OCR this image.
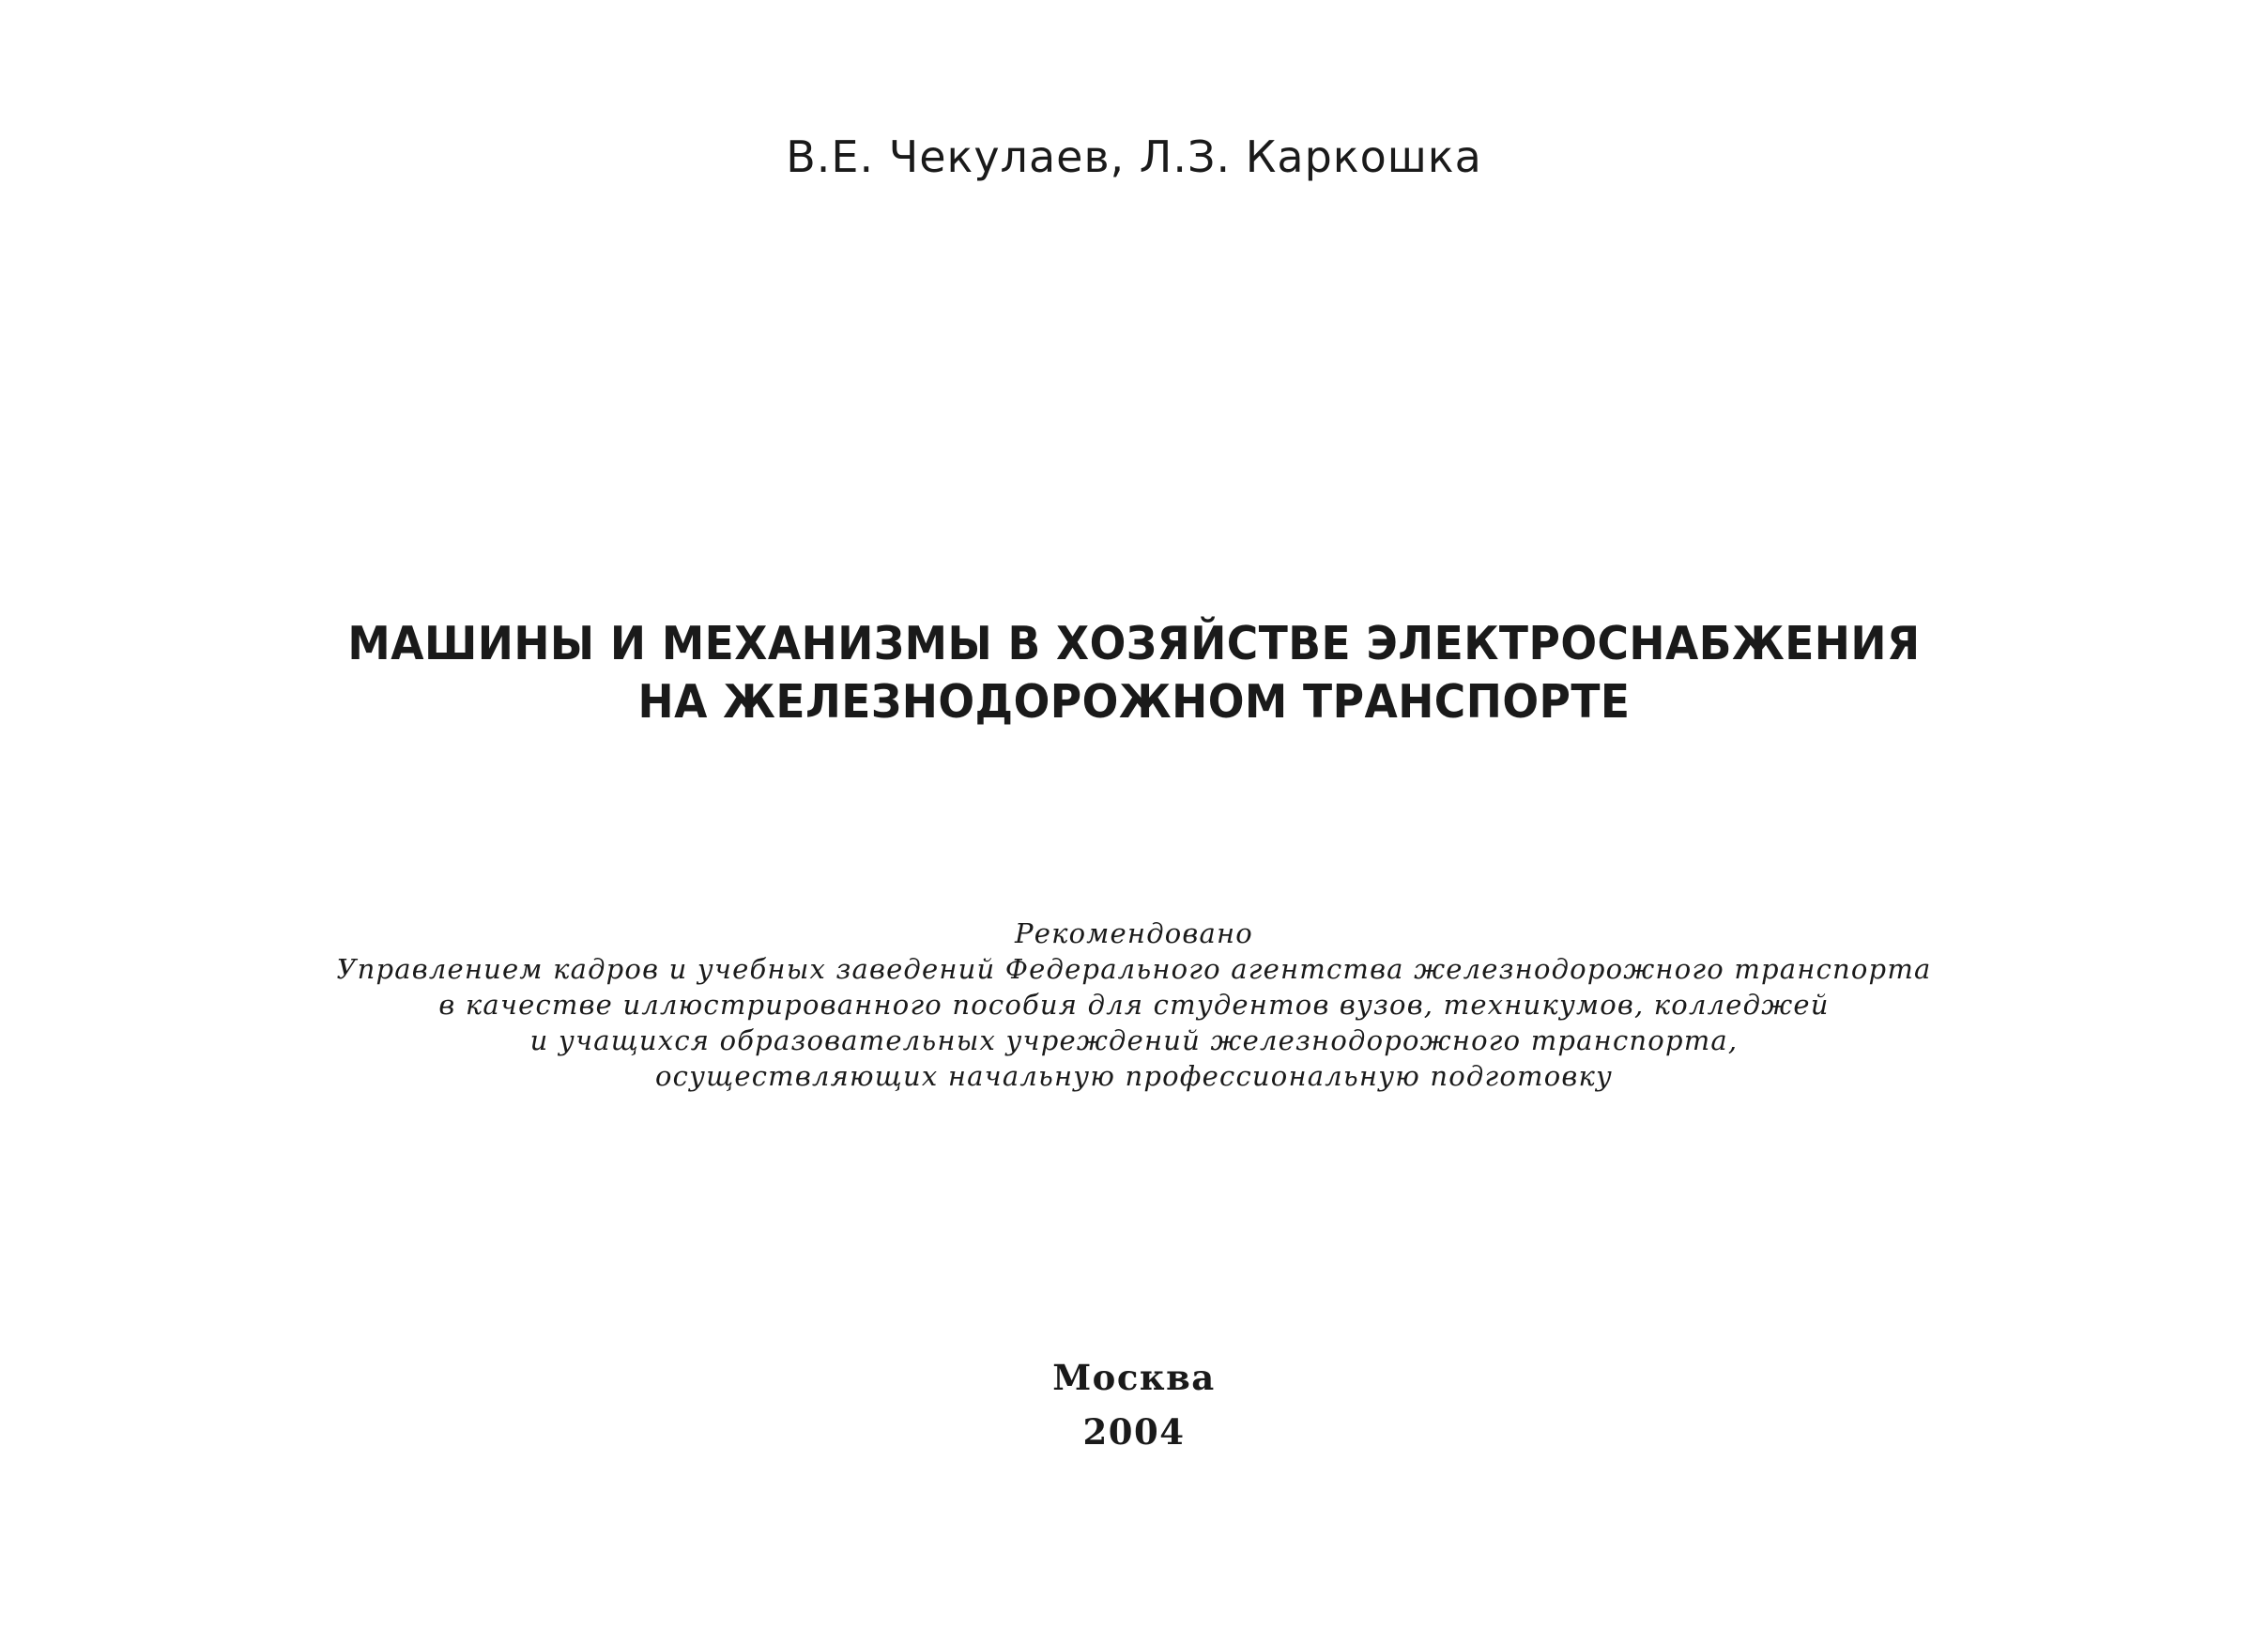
В.Е. Чекулаев, Л.З. Каркошка
МАШИНЫ И МЕХАНИЗМЫ В ХОЗЯЙСТВЕ ЭЛЕКТРОСНАБЖЕНИЯ
НА ЖЕЛЕЗНОДОРОЖНОМ ТРАНСПОРТЕ
Рекомендовано
Управлением кадров и учебных заведений Федерального агентства железнодорожного транспорта
в качестве иллюстрированного пособия для студентов вузов, техникумов, колледжей
и учащихся образовательных учреждений железнодорожного транспорта,
осуществляющих начальную профессиональную подготовку
Москва
2004
